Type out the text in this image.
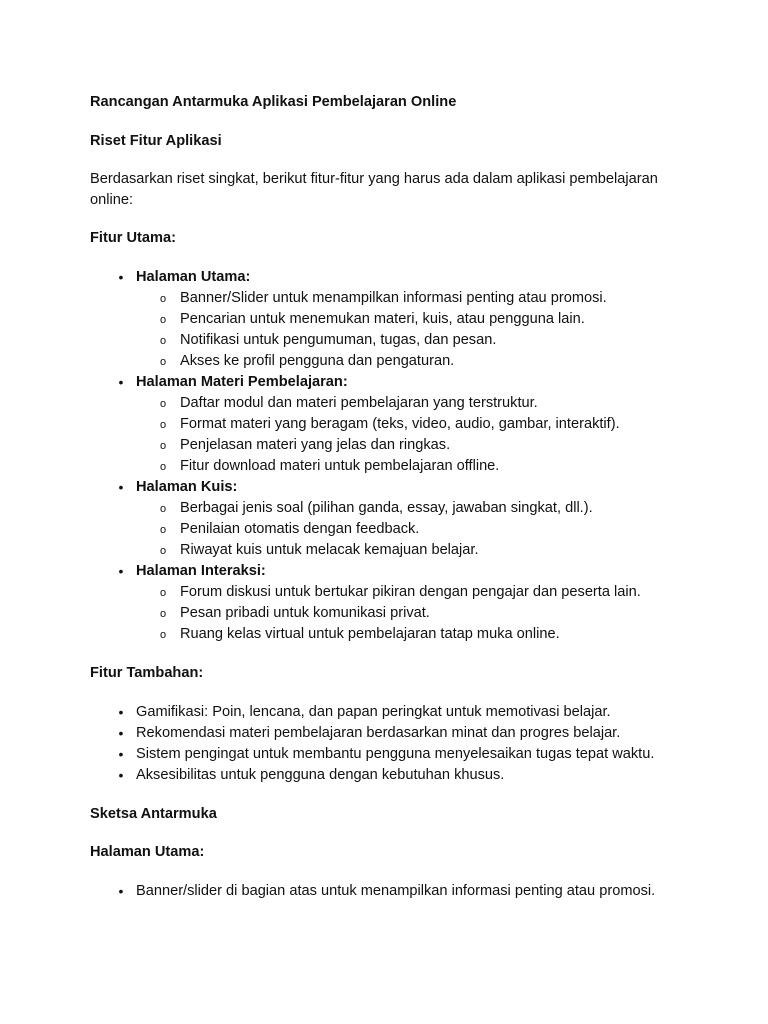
Rancangan Antarmuka Aplikasi Pembelajaran Online

Riset Fitur Aplikasi

Berdasarkan riset singkat, berikut fitur-fitur yang harus ada dalam aplikasi pembelajaran
online:

Fitur Utama:

•
Halaman Utama:
o
Banner/Slider untuk menampilkan informasi penting atau promosi.
o
Pencarian untuk menemukan materi, kuis, atau pengguna lain.
o
Notifikasi untuk pengumuman, tugas, dan pesan.
o
Akses ke profil pengguna dan pengaturan.
•
Halaman Materi Pembelajaran:
o
Daftar modul dan materi pembelajaran yang terstruktur.
o
Format materi yang beragam (teks, video, audio, gambar, interaktif).
o
Penjelasan materi yang jelas dan ringkas.
o
Fitur download materi untuk pembelajaran offline.
•
Halaman Kuis:
o
Berbagai jenis soal (pilihan ganda, essay, jawaban singkat, dll.).
o
Penilaian otomatis dengan feedback.
o
Riwayat kuis untuk melacak kemajuan belajar.
•
Halaman Interaksi:
o
Forum diskusi untuk bertukar pikiran dengan pengajar dan peserta lain.
o
Pesan pribadi untuk komunikasi privat.
o
Ruang kelas virtual untuk pembelajaran tatap muka online.

Fitur Tambahan:

•
Gamifikasi: Poin, lencana, dan papan peringkat untuk memotivasi belajar.
•
Rekomendasi materi pembelajaran berdasarkan minat dan progres belajar.
•
Sistem pengingat untuk membantu pengguna menyelesaikan tugas tepat waktu.
•
Aksesibilitas untuk pengguna dengan kebutuhan khusus.

Sketsa Antarmuka

Halaman Utama:

•
Banner/slider di bagian atas untuk menampilkan informasi penting atau promosi.
